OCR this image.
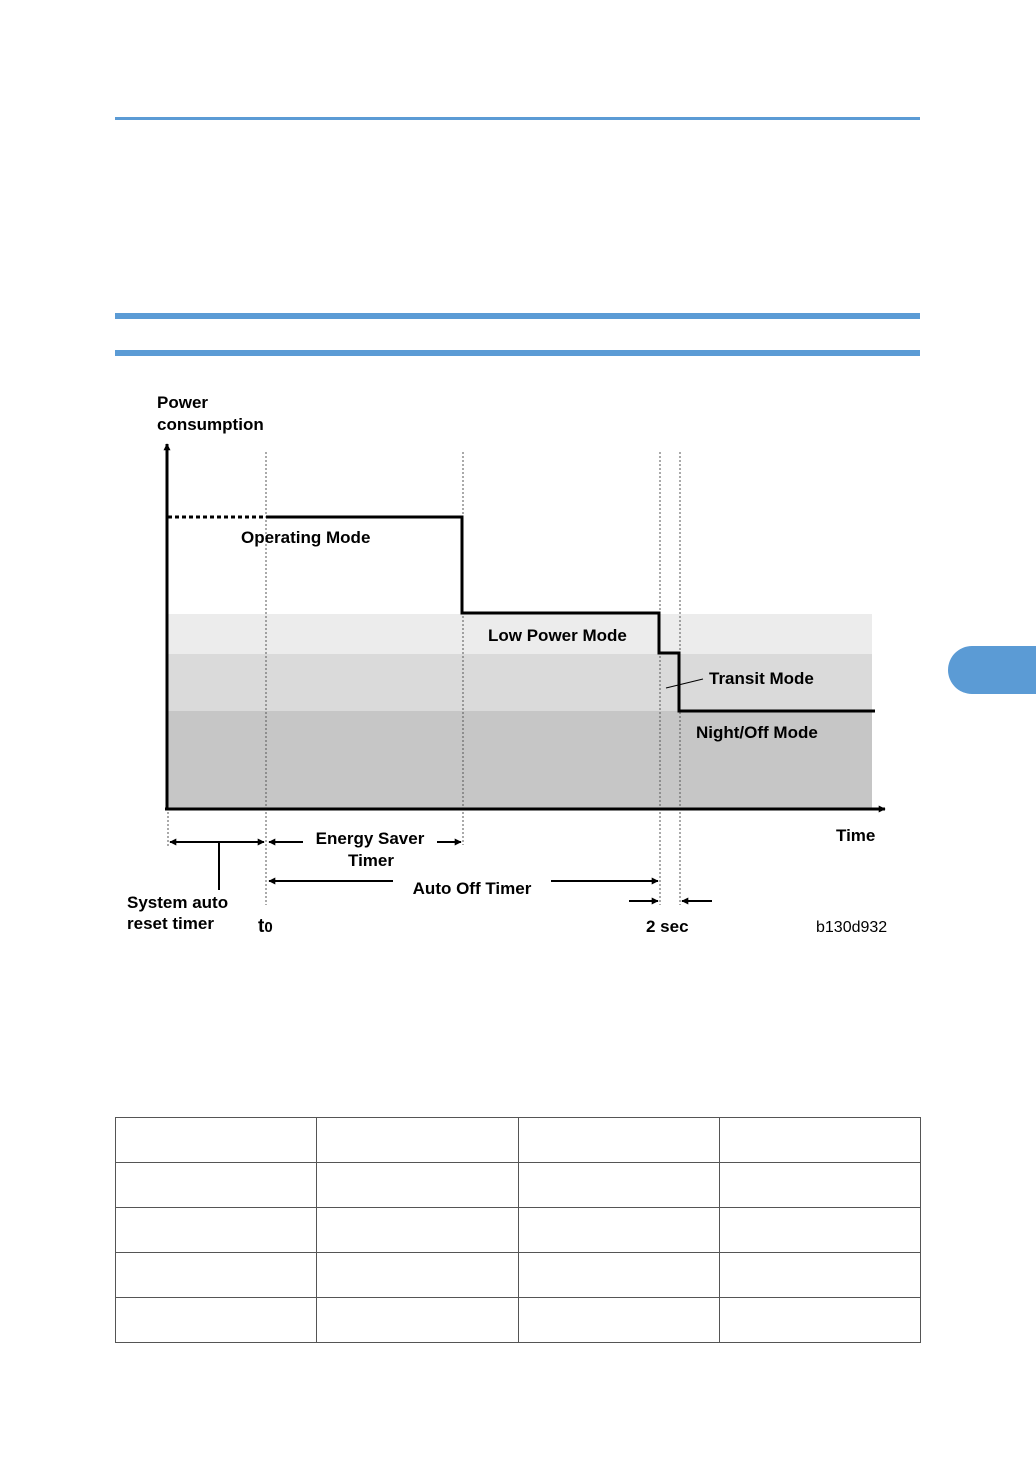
Power
consumption
Time
Operating Mode
Low Power Mode
Transit Mode
Night/Off Mode
Energy Saver
Timer
Auto Off Timer
System auto
reset timer t0	2 sec	b130d932
